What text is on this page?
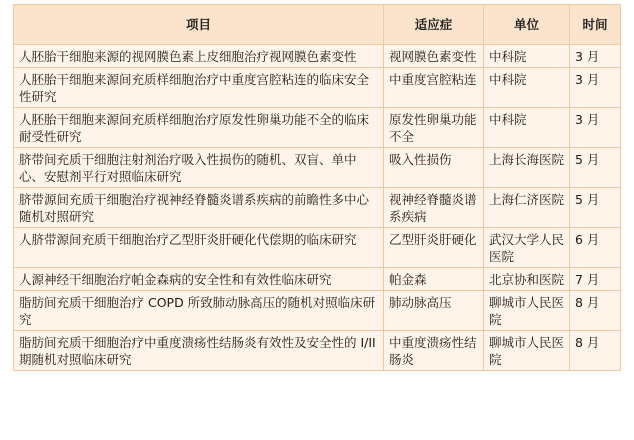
项目	适应症	单位	时间
人胚胎干细胞来源的视网膜色素上皮细胞治疗视网膜色素变性	视网膜色素变性	中科院	3 月
人胚胎干细胞来源间充质样细胞治疗中重度宫腔粘连的临床安全性研究	中重度宫腔粘连	中科院	3 月
人胚胎干细胞来源间充质样细胞治疗原发性卵巢功能不全的临床耐受性研究	原发性卵巢功能不全	中科院	3 月
脐带间充质干细胞注射剂治疗吸入性损伤的随机、双盲、单中心、安慰剂平行对照临床研究	吸入性损伤	上海长海医院	5 月
脐带源间充质干细胞治疗视神经脊髓炎谱系疾病的前瞻性多中心随机对照研究	视神经脊髓炎谱系疾病	上海仁济医院	5 月
人脐带源间充质干细胞治疗乙型肝炎肝硬化代偿期的临床研究	乙型肝炎肝硬化	武汉大学人民医院	6 月
人源神经干细胞治疗帕金森病的安全性和有效性临床研究	帕金森	北京协和医院	7 月
脂肪间充质干细胞治疗 COPD 所致肺动脉高压的随机对照临床研究	肺动脉高压	聊城市人民医院	8 月
脂肪间充质干细胞治疗中重度溃疡性结肠炎有效性及安全性的 I/II 期随机对照临床研究	中重度溃疡性结肠炎	聊城市人民医院	8 月
